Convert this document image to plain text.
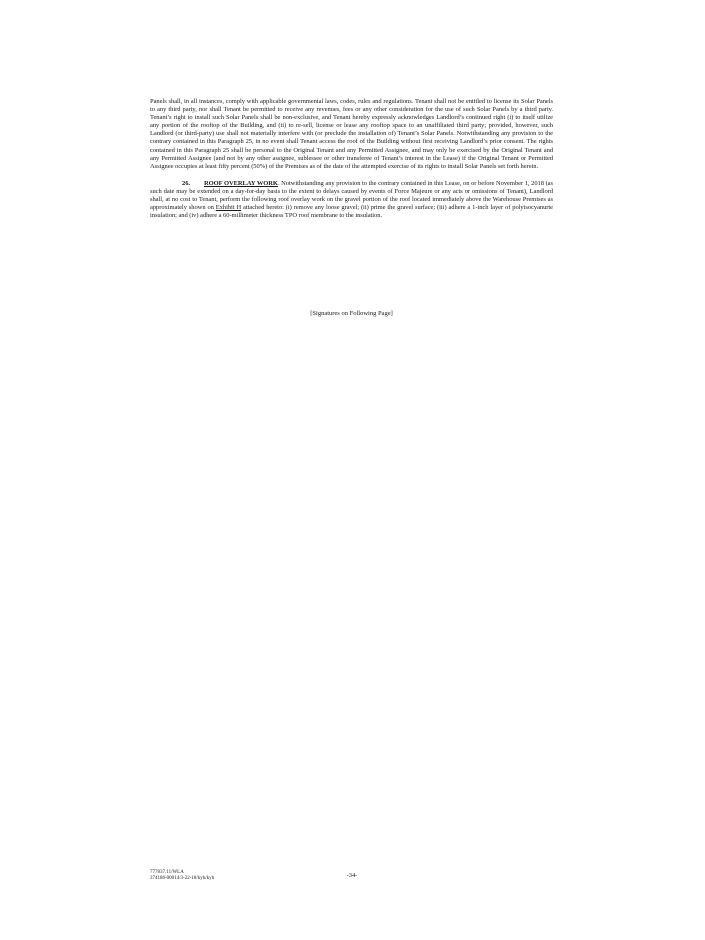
Panels shall, in all instances, comply with applicable governmental laws, codes, rules and regulations. Tenant shall not be entitled to license its Solar Panels to any third party, nor shall Tenant be permitted to receive any revenues, fees or any other consideration for the use of such Solar Panels by a third party. Tenant’s right to install such Solar Panels shall be non-exclusive, and Tenant hereby expressly acknowledges Landlord’s continued right (i) to itself utilize any portion of the rooftop of the Building, and (ii) to re-sell, license or lease any rooftop space to an unaffiliated third party; provided, however, such Landlord (or third-party) use shall not materially interfere with (or preclude the installation of) Tenant’s Solar Panels. Notwithstanding any provision to the contrary contained in this Paragraph 25, in no event shall Tenant access the roof of the Building without first receiving Landlord’s prior consent. The rights contained in this Paragraph 25 shall be personal to the Original Tenant and any Permitted Assignee, and may only be exercised by the Original Tenant and any Permitted Assignee (and not by any other assignee, sublessee or other transferee of Tenant’s interest in the Lease) if the Original Tenant or Permitted Assignee occupies at least fifty percent (50%) of the Premises as of the date of the attempted exercise of its rights to install Solar Panels set forth herein.

26. ROOF OVERLAY WORK. Notwithstanding any provision to the contrary contained in this Lease, on or before November 1, 2018 (as such date may be extended on a day-for-day basis to the extent to delays caused by events of Force Majeure or any acts or omissions of Tenant), Landlord shall, at no cost to Tenant, perform the following roof overlay work on the gravel portion of the roof located immediately above the Warehouse Premises as approximately shown on Exhibit H attached hereto: (i) remove any loose gravel; (ii) prime the gravel surface; (iii) adhere a 1-inch layer of polyisocyanurte insulation; and (iv) adhere a 60-millimeter thickness TPO roof membrane to the insulation.

[Signatures on Following Page]
777837.11/WLA
374186-00014/3-22-18/kyh/kyh	-34-
